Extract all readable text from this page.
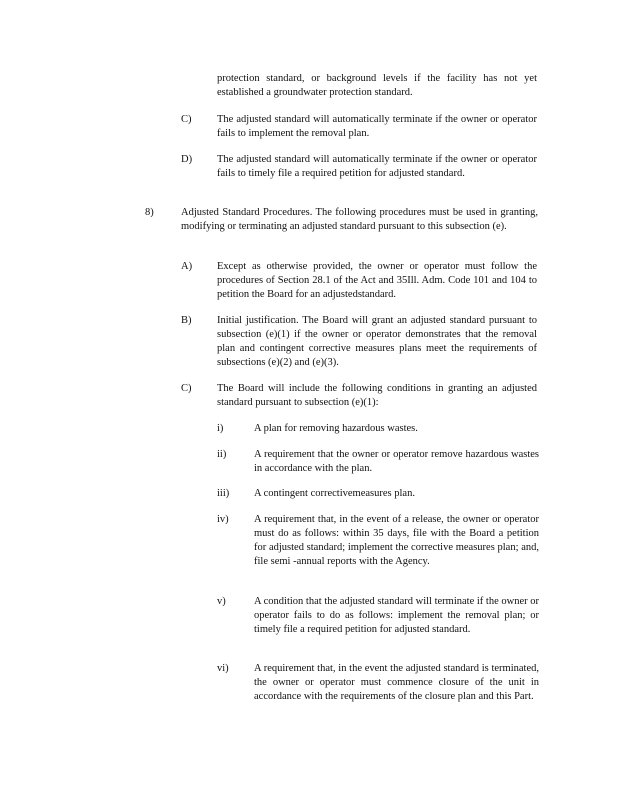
protection standard, or background levels if the facility has not yet established a groundwater protection standard.

C) The adjusted standard will automatically terminate if the owner or operator fails to implement the removal plan.

D) The adjusted standard will automatically terminate if the owner or operator fails to timely file a required petition for adjusted standard.

8)	Adjusted Standard Procedures. The following procedures must be used in granting, modifying or terminating an adjusted standard pursuant to this subsection (e).

A) Except as otherwise provided, the owner or operator must follow the procedures of Section 28.1 of the Act and 35Ill. Adm. Code 101 and 104 to petition the Board for an adjustedstandard.

B) Initial justification. The Board will grant an adjusted standard pursuant to subsection (e)(1) if the owner or operator demonstrates that the removal plan and contingent corrective measures plans meet the requirements of subsections (e)(2) and (e)(3).

C) The Board will include the following conditions in granting an adjusted standard pursuant to subsection (e)(1):

i)	A plan for removing hazardous wastes.

ii)	A requirement that the owner or operator remove hazardous wastes in accordance with the plan.

iii) A contingent correctivemeasures plan.

iv) A requirement that, in the event of a release, the owner or operator must do as follows: within 35 days, file with the Board a petition for adjusted standard; implement the corrective measures plan; and, file semi -annual reports with the Agency.

v)	A condition that the adjusted standard will terminate if the owner or operator fails to do as follows: implement the removal plan; or timely file a required petition for adjusted standard.

vi) A requirement that, in the event the adjusted standard is terminated, the owner or operator must commence closure of the unit in accordance with the requirements of the closure plan and this Part.
